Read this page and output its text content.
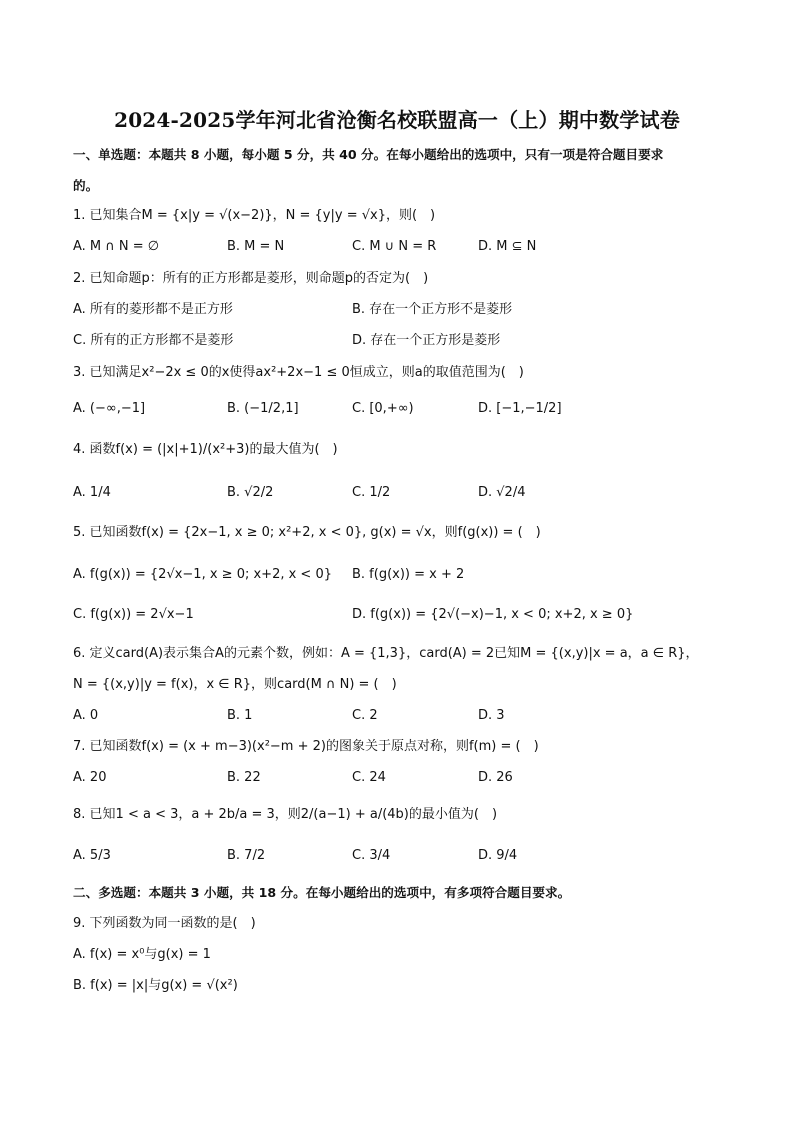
2024-2025学年河北省沧衡名校联盟高一（上）期中数学试卷
一、单选题：本题共 8 小题，每小题 5 分，共 40 分。在每小题给出的选项中，只有一项是符合题目要求
的。
1. 已知集合M = {x|y = √(x−2)}，N = {y|y = √x}，则(　)
A. M ∩ N = ∅	B. M = N	C. M ∪ N = R	D. M ⊆ N
2. 已知命题p：所有的正方形都是菱形，则命题p的否定为(　)
A. 所有的菱形都不是正方形	B. 存在一个正方形不是菱形
C. 所有的正方形都不是菱形	D. 存在一个正方形是菱形
3. 已知满足x²−2x ≤ 0的x使得ax²+2x−1 ≤ 0恒成立，则a的取值范围为(　)
A. (−∞,−1]	B. (−1/2,1]	C. [0,+∞)	D. [−1,−1/2]
4. 函数f(x) = (|x|+1)/(x²+3)的最大值为(　)
A. 1/4	B. √2/2	C. 1/2	D. √2/4
5. 已知函数f(x) = {2x−1, x ≥ 0; x²+2, x < 0}, g(x) = √x，则f(g(x)) = (　)
A. f(g(x)) = {2√x−1, x ≥ 0; x+2, x < 0} B. f(g(x)) = x + 2
C. f(g(x)) = 2√x−1	D. f(g(x)) = {2√(−x)−1, x < 0; x+2, x ≥ 0}
6. 定义card(A)表示集合A的元素个数，例如：A = {1,3}，card(A) = 2已知M = {(x,y)|x = a，a ∈ R}，
N = {(x,y)|y = f(x)，x ∈ R}，则card(M ∩ N) = (　)
A. 0	B. 1	C. 2	D. 3
7. 已知函数f(x) = (x + m−3)(x²−m + 2)的图象关于原点对称，则f(m) = (　)
A. 20	B. 22	C. 24	D. 26
8. 已知1 < a < 3，a + 2b/a = 3，则2/(a−1) + a/(4b)的最小值为(　)
A. 5/3	B. 7/2	C. 3/4	D. 9/4
二、多选题：本题共 3 小题，共 18 分。在每小题给出的选项中，有多项符合题目要求。
9. 下列函数为同一函数的是(　)
A. f(x) = x⁰与g(x) = 1
B. f(x) = |x|与g(x) = √(x²)
